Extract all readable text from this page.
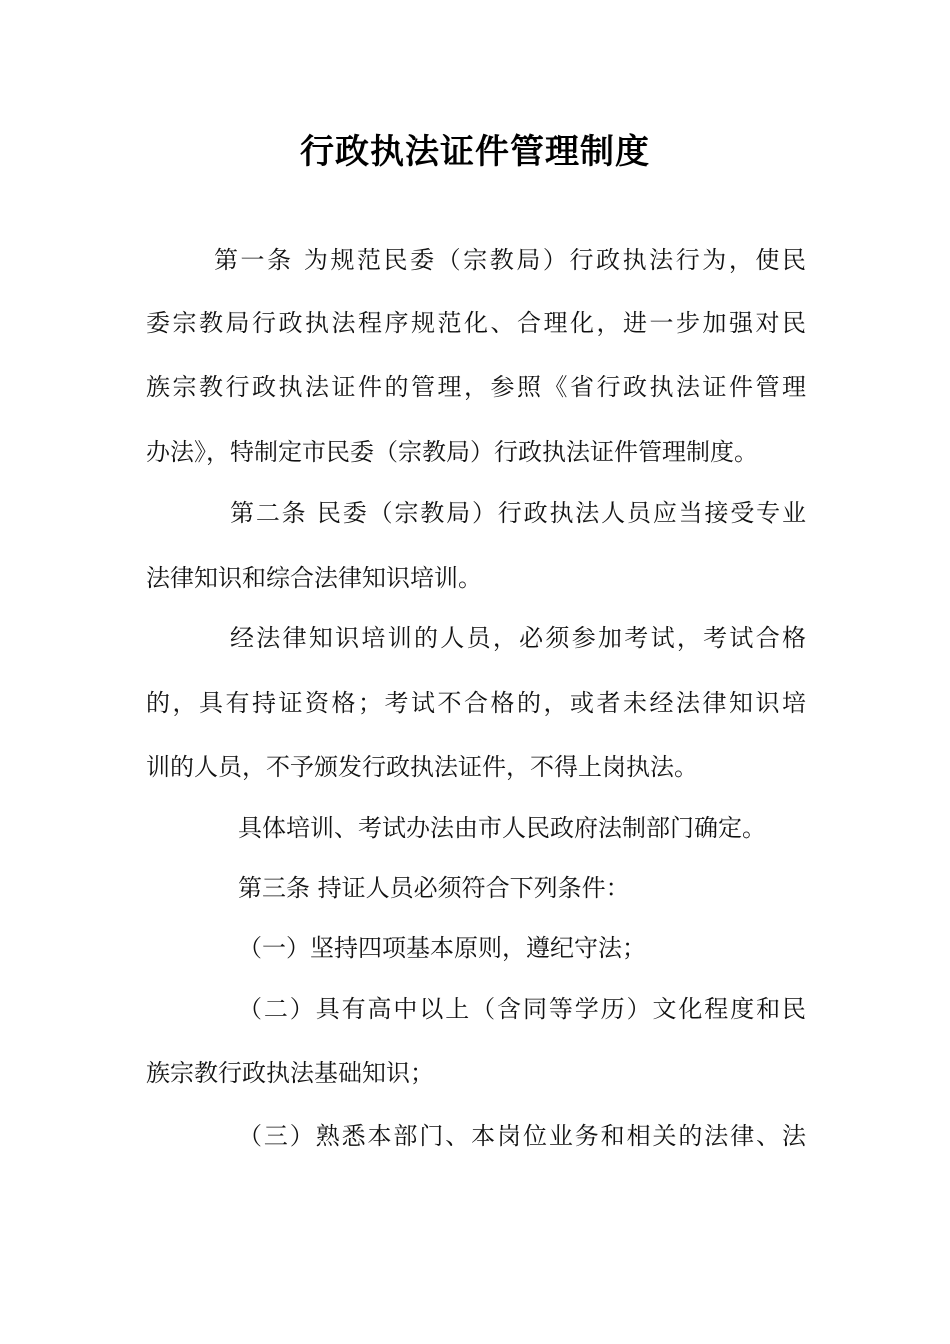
行政执法证件管理制度
第一条 为规范民委（宗教局）行政执法行为，使民
委宗教局行政执法程序规范化、合理化，进一步加强对民
族宗教行政执法证件的管理，参照《省行政执法证件管理
办法》，特制定市民委（宗教局）行政执法证件管理制度。
第二条 民委（宗教局）行政执法人员应当接受专业
法律知识和综合法律知识培训。
经法律知识培训的人员，必须参加考试，考试合格
的，具有持证资格；考试不合格的，或者未经法律知识培
训的人员，不予颁发行政执法证件，不得上岗执法。
具体培训、考试办法由市人民政府法制部门确定。
第三条 持证人员必须符合下列条件：
（一）坚持四项基本原则，遵纪守法；
（二）具有高中以上（含同等学历）文化程度和民
族宗教行政执法基础知识；
（三）熟悉本部门、本岗位业务和相关的法律、法
